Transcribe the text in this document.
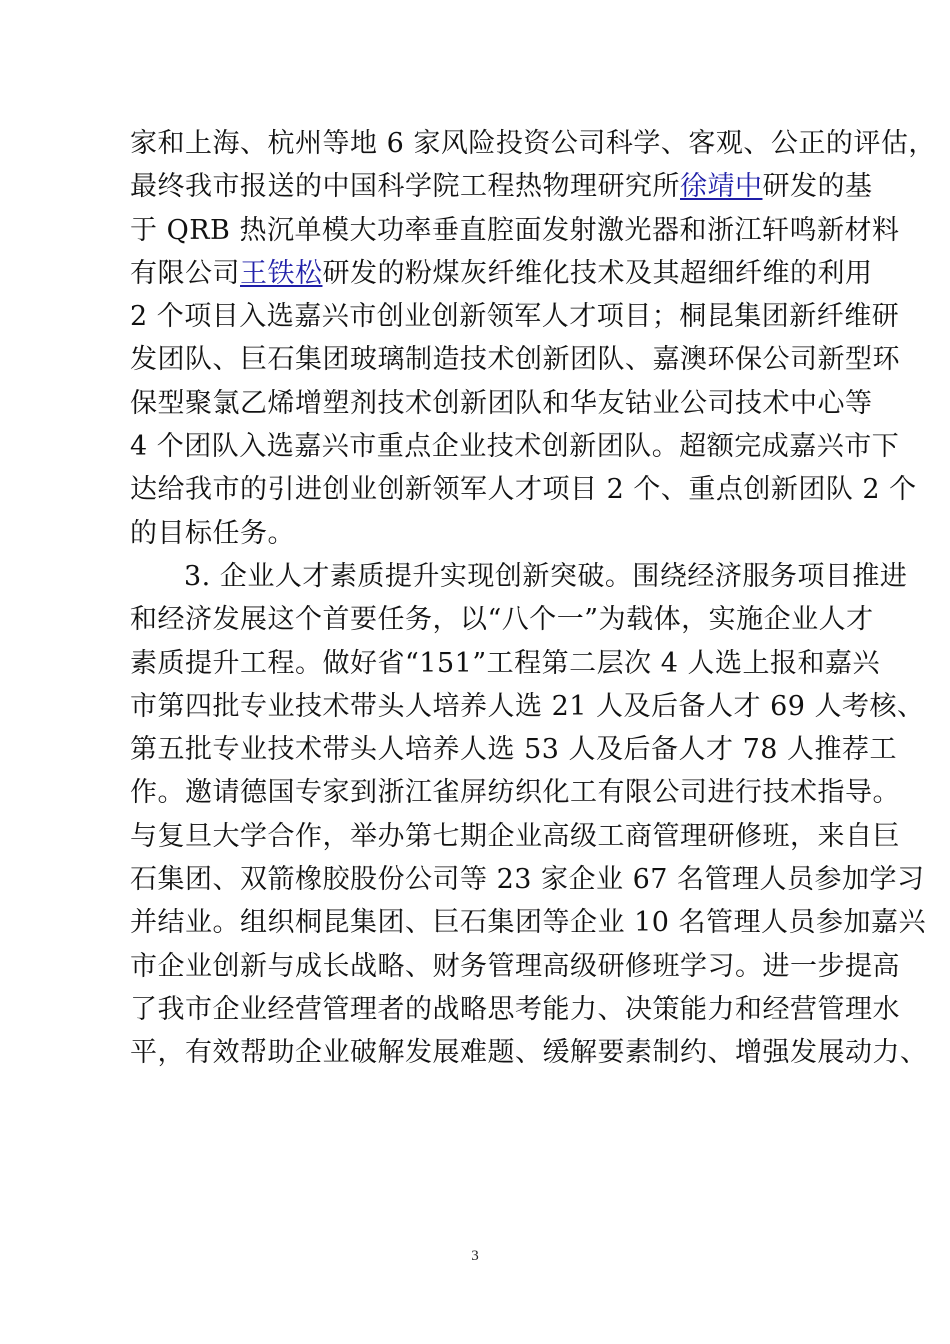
家和上海、杭州等地 6 家风险投资公司科学、客观、公正的评估，
最终我市报送的中国科学院工程热物理研究所徐靖中研发的基
于 QRB 热沉单模大功率垂直腔面发射激光器和浙江轩鸣新材料
有限公司王铁松研发的粉煤灰纤维化技术及其超细纤维的利用
2 个项目入选嘉兴市创业创新领军人才项目；桐昆集团新纤维研
发团队、巨石集团玻璃制造技术创新团队、嘉澳环保公司新型环
保型聚氯乙烯增塑剂技术创新团队和华友钴业公司技术中心等
4 个团队入选嘉兴市重点企业技术创新团队。超额完成嘉兴市下
达给我市的引进创业创新领军人才项目 2 个、重点创新团队 2 个
的目标任务。
3. 企业人才素质提升实现创新突破。围绕经济服务项目推进
和经济发展这个首要任务，以“八个一”为载体，实施企业人才
素质提升工程。做好省“151”工程第二层次 4 人选上报和嘉兴
市第四批专业技术带头人培养人选 21 人及后备人才 69 人考核、
第五批专业技术带头人培养人选 53 人及后备人才 78 人推荐工
作。邀请德国专家到浙江雀屏纺织化工有限公司进行技术指导。
与复旦大学合作，举办第七期企业高级工商管理研修班，来自巨
石集团、双箭橡胶股份公司等 23 家企业 67 名管理人员参加学习
并结业。组织桐昆集团、巨石集团等企业 10 名管理人员参加嘉兴
市企业创新与成长战略、财务管理高级研修班学习。进一步提高
了我市企业经营管理者的战略思考能力、决策能力和经营管理水
平，有效帮助企业破解发展难题、缓解要素制约、增强发展动力、
3
